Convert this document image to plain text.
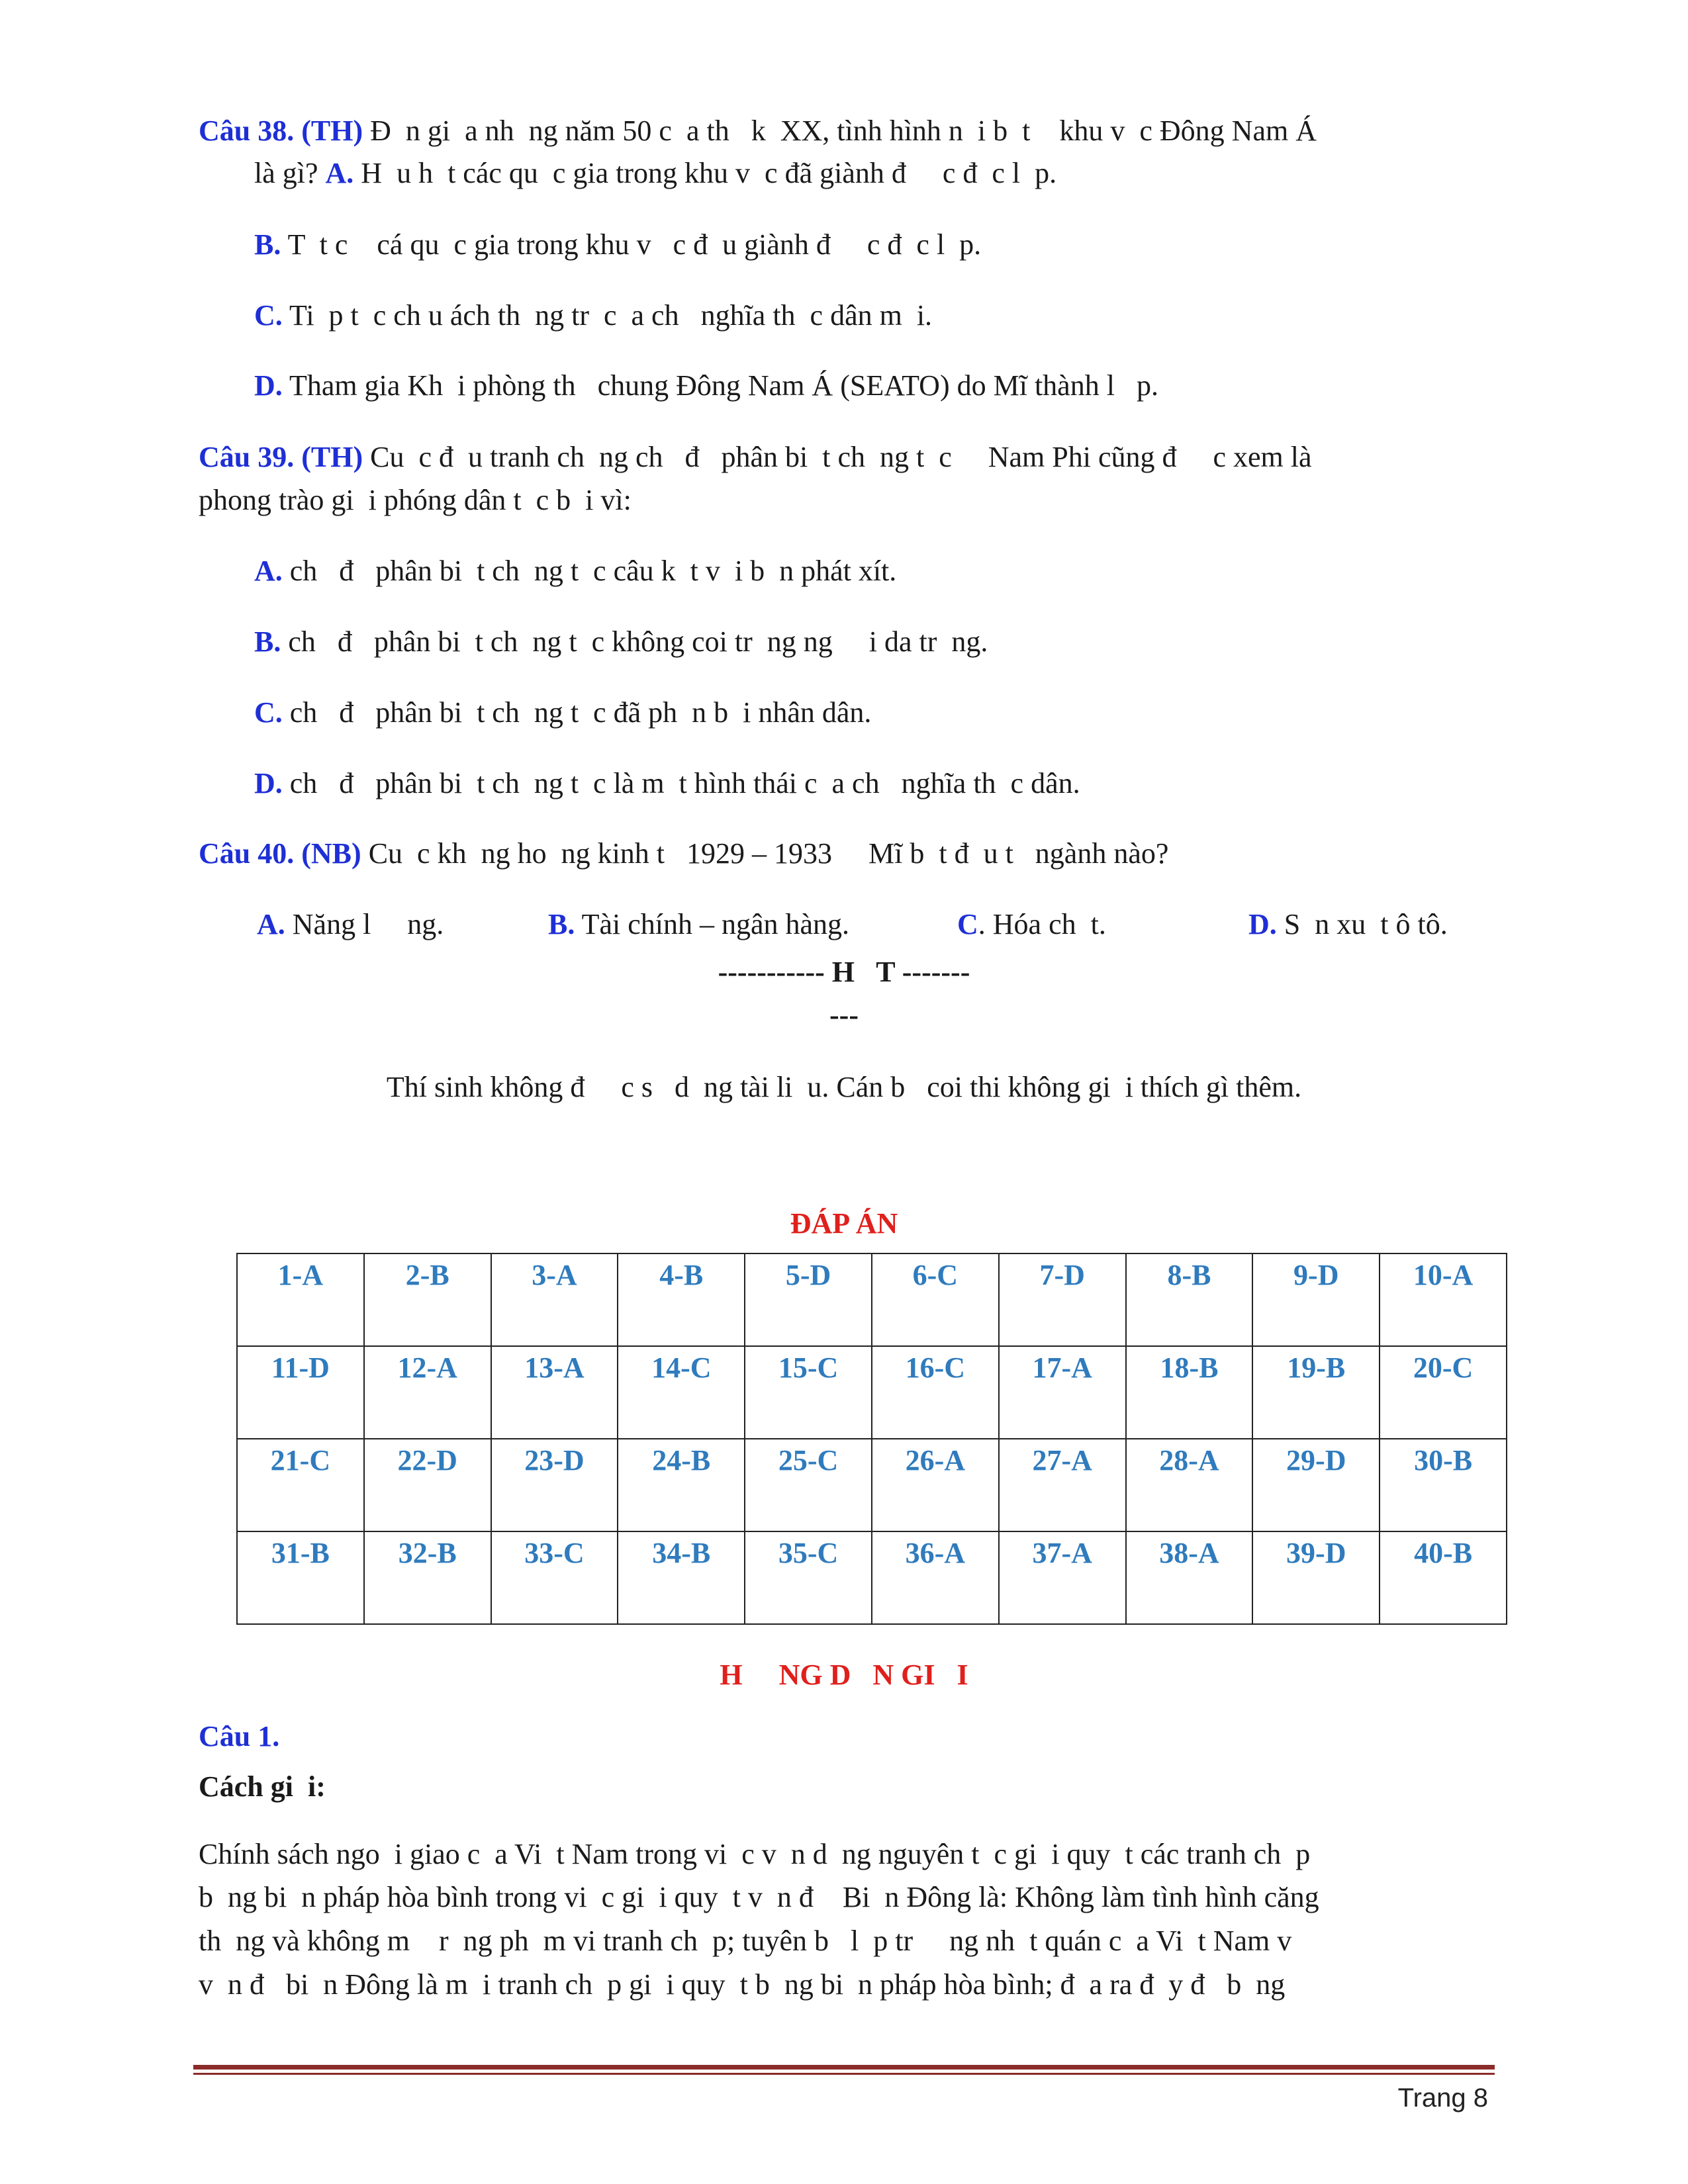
Câu 38. (TH) Đ  n gi  a nh  ng năm 50 c  a th   k  XX, tình hình n  i b  t    khu v  c Đông Nam Á
là gì? A. H  u h  t các qu  c gia trong khu v  c đã giành đ     c đ  c l  p.
B. T  t c    cá qu  c gia trong khu v   c đ  u giành đ     c đ  c l  p.
C. Ti  p t  c ch u ách th  ng tr  c  a ch   nghĩa th  c dân m  i.
D. Tham gia Kh  i phòng th   chung Đông Nam Á (SEATO) do Mĩ thành l   p.
Câu 39. (TH) Cu  c đ  u tranh ch  ng ch   đ   phân bi  t ch  ng t  c     Nam Phi cũng đ     c xem là
phong trào gi  i phóng dân t  c b  i vì:
A. ch   đ   phân bi  t ch  ng t  c câu k  t v  i b  n phát xít.
B. ch   đ   phân bi  t ch  ng t  c không coi tr  ng ng     i da tr  ng.
C. ch   đ   phân bi  t ch  ng t  c đã ph  n b  i nhân dân.
D. ch   đ   phân bi  t ch  ng t  c là m  t hình thái c  a ch   nghĩa th  c dân.
Câu 40. (NB) Cu  c kh  ng ho  ng kinh t   1929 – 1933     Mĩ b  t đ  u t   ngành nào?
A. Năng l     ng.	B. Tài chính – ngân hàng.	C. Hóa ch  t.	D. S  n xu  t ô tô.
----------- H   T -------
---
Thí sinh không đ     c s   d  ng tài li  u. Cán b   coi thi không gi  i thích gì thêm.
ĐÁP ÁN
1-A	2-B	3-A	4-B	5-D	6-C	7-D	8-B	9-D	10-A
11-D	12-A	13-A	14-C	15-C	16-C	17-A	18-B	19-B	20-C
21-C	22-D	23-D	24-B	25-C	26-A	27-A	28-A	29-D	30-B
31-B	32-B	33-C	34-B	35-C	36-A	37-A	38-A	39-D	40-B
H     NG D   N GI   I
Câu 1.
Cách gi  i:
Chính sách ngo  i giao c  a Vi  t Nam trong vi  c v  n d  ng nguyên t  c gi  i quy  t các tranh ch  p
b  ng bi  n pháp hòa bình trong vi  c gi  i quy  t v  n đ    Bi  n Đông là: Không làm tình hình căng
th  ng và không m    r  ng ph  m vi tranh ch  p; tuyên b   l  p tr     ng nh  t quán c  a Vi  t Nam v
v  n đ   bi  n Đông là m  i tranh ch  p gi  i quy  t b  ng bi  n pháp hòa bình; đ  a ra đ  y đ   b  ng
Trang 8
